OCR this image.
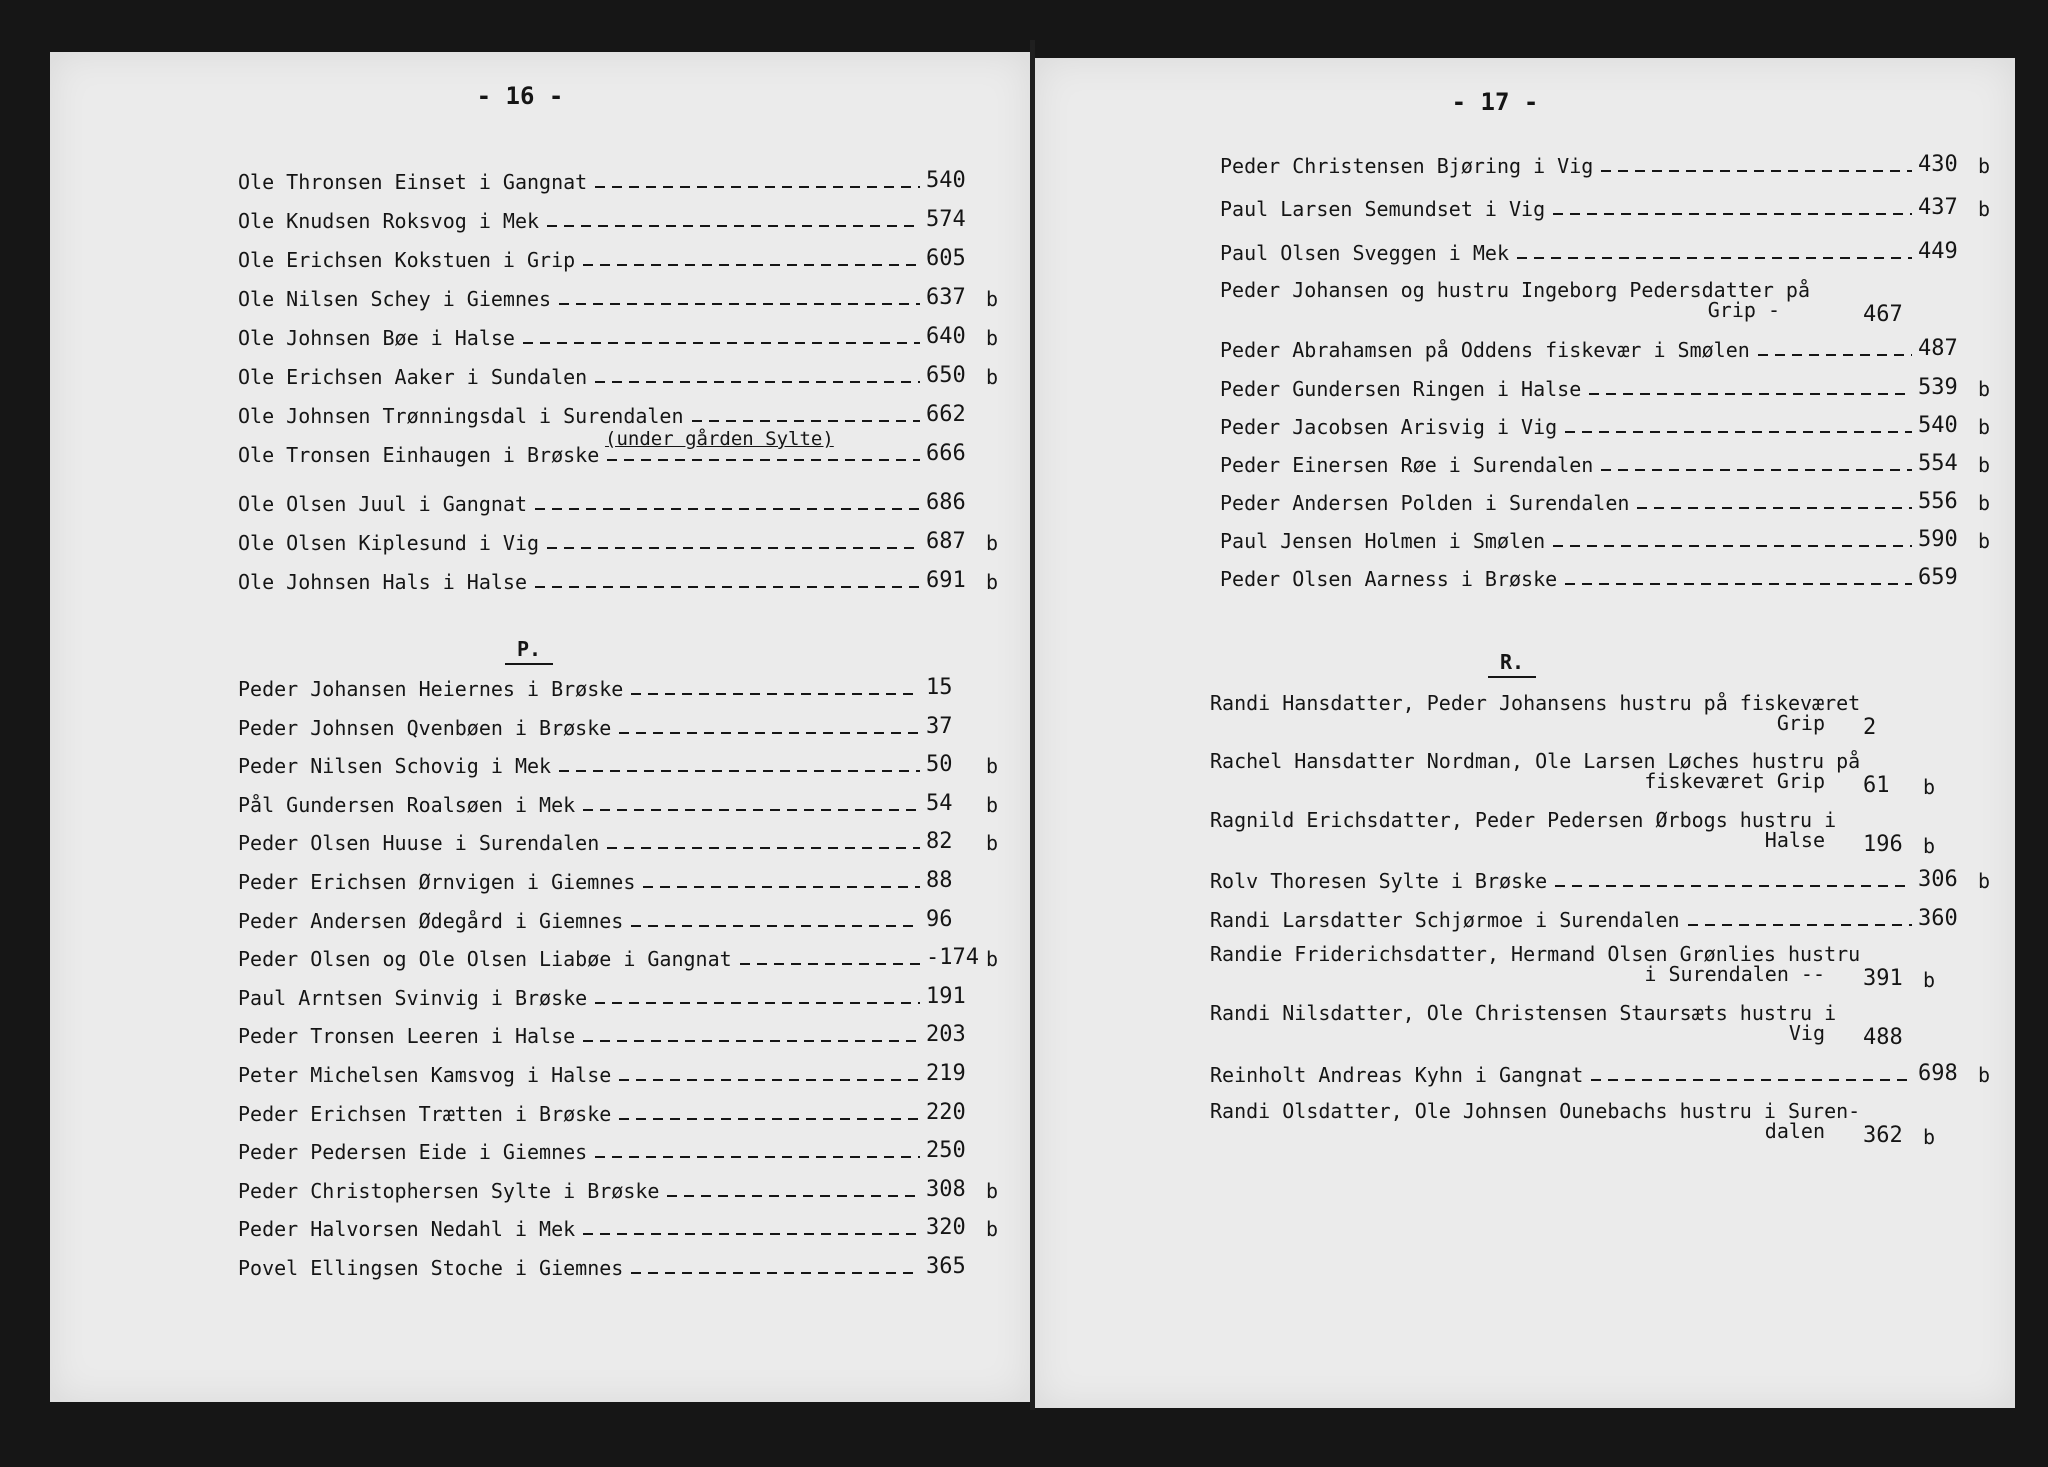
- 16 -
Ole Thronsen Einset i Gangnat	540
Ole Knudsen Roksvog i Mek	574
Ole Erichsen Kokstuen i Grip	605
Ole Nilsen Schey i Giemnes	637	b
Ole Johnsen Bøe i Halse	640	b
Ole Erichsen Aaker i Sundalen	650	b
Ole Johnsen Trønningsdal i Surendalen	662
Ole Tronsen Einhaugen i Brøske	666
Ole Olsen Juul i Gangnat	686
Ole Olsen Kiplesund i Vig	687	b
Ole Johnsen Hals i Halse	691	b
(under gården Sylte)
P.
Peder Johansen Heiernes i Brøske	15
Peder Johnsen Qvenbøen i Brøske	37
Peder Nilsen Schovig i Mek	50	b
Pål Gundersen Roalsøen i Mek	54	b
Peder Olsen Huuse i Surendalen	82	b
Peder Erichsen Ørnvigen i Giemnes	88
Peder Andersen Ødegård i Giemnes	96
Peder Olsen og Ole Olsen Liabøe i Gangnat	-174 b
Paul Arntsen Svinvig i Brøske	191
Peder Tronsen Leeren i Halse	203
Peter Michelsen Kamsvog i Halse	219
Peder Erichsen Trætten i Brøske	220
Peder Pedersen Eide i Giemnes	250
Peder Christophersen Sylte i Brøske	308	b
Peder Halvorsen Nedahl i Mek	320	b
Povel Ellingsen Stoche i Giemnes	365
- 17 -
Peder Christensen Bjøring i Vig	430	b
Paul Larsen Semundset i Vig	437	b
Paul Olsen Sveggen i Mek	449
Peder Johansen og hustru Ingeborg Pedersdatter på
Grip -	467
Peder Abrahamsen på Oddens fiskevær i Smølen	487
Peder Gundersen Ringen i Halse	539	b
Peder Jacobsen Arisvig i Vig	540	b
Peder Einersen Røe i Surendalen	554	b
Peder Andersen Polden i Surendalen	556	b
Paul Jensen Holmen i Smølen	590	b
Peder Olsen Aarness i Brøske	659
R.
Randi Hansdatter, Peder Johansens hustru på fiskeværet
Grip 2
Rachel Hansdatter Nordman, Ole Larsen Løches hustru på
fiskeværet Grip 61 b
Ragnild Erichsdatter, Peder Pedersen Ørbogs hustru i
Halse 196 b
Rolv Thoresen Sylte i Brøske	306	b
Randi Larsdatter Schjørmoe i Surendalen	360
Randie Friderichsdatter, Hermand Olsen Grønlies hustru
i Surendalen -- 391 b
Randi Nilsdatter, Ole Christensen Staursæts hustru i
Vig 488
Reinholt Andreas Kyhn i Gangnat	698	b
Randi Olsdatter, Ole Johnsen Ounebachs hustru i Suren-
dalen 362 b
